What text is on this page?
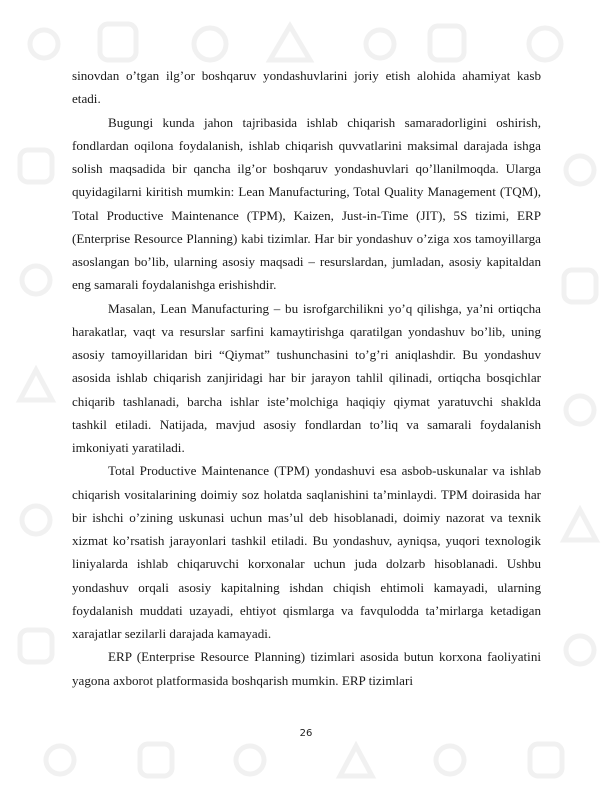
sinovdan o’tgan ilg’or boshqaruv yondashuvlarini joriy etish alohida ahamiyat kasb etadi.

Bugungi kunda jahon tajribasida ishlab chiqarish samaradorligini oshirish, fondlardan oqilona foydalanish, ishlab chiqarish quvvatlarini maksimal darajada ishga solish maqsadida bir qancha ilg’or boshqaruv yondashuvlari qo’llanilmoqda. Ularga quyidagilarni kiritish mumkin: Lean Manufacturing, Total Quality Management (TQM), Total Productive Maintenance (TPM), Kaizen, Just-in-Time (JIT), 5S tizimi, ERP (Enterprise Resource Planning) kabi tizimlar. Har bir yondashuv o’ziga xos tamoyillarga asoslangan bo’lib, ularning asosiy maqsadi – resurslardan, jumladan, asosiy kapitaldan eng samarali foydalanishga erishishdir.

Masalan, Lean Manufacturing – bu isrofgarchilikni yo’q qilishga, ya’ni ortiqcha harakatlar, vaqt va resurslar sarfini kamaytirishga qaratilgan yondashuv bo’lib, uning asosiy tamoyillaridan biri “Qiymat” tushunchasini to’g’ri aniqlashdir. Bu yondashuv asosida ishlab chiqarish zanjiridagi har bir jarayon tahlil qilinadi, ortiqcha bosqichlar chiqarib tashlanadi, barcha ishlar iste’molchiga haqiqiy qiymat yaratuvchi shaklda tashkil etiladi. Natijada, mavjud asosiy fondlardan to’liq va samarali foydalanish imkoniyati yaratiladi.

Total Productive Maintenance (TPM) yondashuvi esa asbob-uskunalar va ishlab chiqarish vositalarining doimiy soz holatda saqlanishini ta’minlaydi. TPM doirasida har bir ishchi o’zining uskunasi uchun mas’ul deb hisoblanadi, doimiy nazorat va texnik xizmat ko’rsatish jarayonlari tashkil etiladi. Bu yondashuv, ayniqsa, yuqori texnologik liniyalarda ishlab chiqaruvchi korxonalar uchun juda dolzarb hisoblanadi. Ushbu yondashuv orqali asosiy kapitalning ishdan chiqish ehtimoli kamayadi, ularning foydalanish muddati uzayadi, ehtiyot qismlarga va favqulodda ta’mirlarga ketadigan xarajatlar sezilarli darajada kamayadi.

ERP (Enterprise Resource Planning) tizimlari asosida butun korxona faoliyatini yagona axborot platformasida boshqarish mumkin. ERP tizimlari

26
